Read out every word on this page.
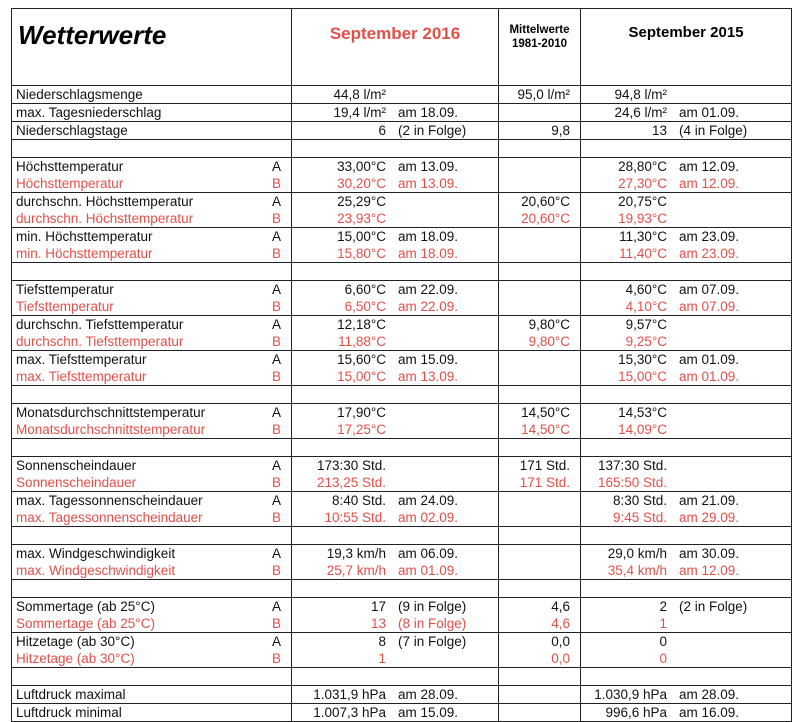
Wetterwerte		September 2016	Mittelwerte
1981-2010	September 2015
Niederschlagsmenge		44,8 l/m²	95,0 l/m²	94,8 l/m²

max. Tagesniederschlag		19,4 l/m² am 18.09.		24,6 l/m² am 01.09.

Niederschlagstage		6 (2 in Folge)	9,8	13 (4 in Folge)

Höchsttemperatur	A	33,00°C am 13.09.		28,80°C am 12.09.

Höchsttemperatur	B	30,20°C am 13.09.		27,30°C am 12.09.

durchschn. Höchsttemperatur	A	25,29°C	20,60°C	20,75°C

durchschn. Höchsttemperatur	B	23,93°C	20,60°C	19,93°C

min. Höchsttemperatur	A	15,00°C am 18.09.		11,30°C am 23.09.

min. Höchsttemperatur	B	15,80°C am 18.09.		11,40°C am 23.09.

Tiefsttemperatur	A	6,60°C am 22.09.		4,60°C am 07.09.

Tiefsttemperatur	B	6,50°C am 22.09.		4,10°C am 07.09.

durchschn. Tiefsttemperatur	A	12,18°C	9,80°C	9,57°C

durchschn. Tiefsttemperatur	B	11,88°C	9,80°C	9,25°C

max. Tiefsttemperatur	A	15,60°C am 15.09.		15,30°C am 01.09.

max. Tiefsttemperatur	B	15,00°C am 13.09.		15,00°C am 01.09.

Monatsdurchschnittstemperatur	A	17,90°C	14,50°C	14,53°C

Monatsdurchschnittstemperatur	B	17,25°C	14,50°C	14,09°C

Sonnenscheindauer	A	173:30 Std.	171 Std.	137:30 Std.

Sonnenscheindauer	B	213,25 Std.	171 Std.	165:50 Std.

max. Tagessonnenscheindauer	A	8:40 Std. am 24.09.		8:30 Std. am 21.09.

max. Tagessonnenscheindauer	B	10:55 Std. am 02.09.		9:45 Std. am 29.09.

max. Windgeschwindigkeit	A	19,3 km/h am 06.09.		29,0 km/h am 30.09.

max. Windgeschwindigkeit	B	25,7 km/h am 01.09.		35,4 km/h am 12.09.

Sommertage (ab 25°C)	A	17 (9 in Folge)	4,6	2 (2 in Folge)

Sommertage (ab 25°C)	B	13 (8 in Folge)	4,6	1

Hitzetage (ab 30°C)	A	8 (7 in Folge)	0,0	0

Hitzetage (ab 30°C)	B	1	0,0	0

Luftdruck maximal		1.031,9 hPa am 28.09.		1.030,9 hPa am 28.09.

Luftdruck minimal		1.007,3 hPa am 15.09.		996,6 hPa am 16.09.
